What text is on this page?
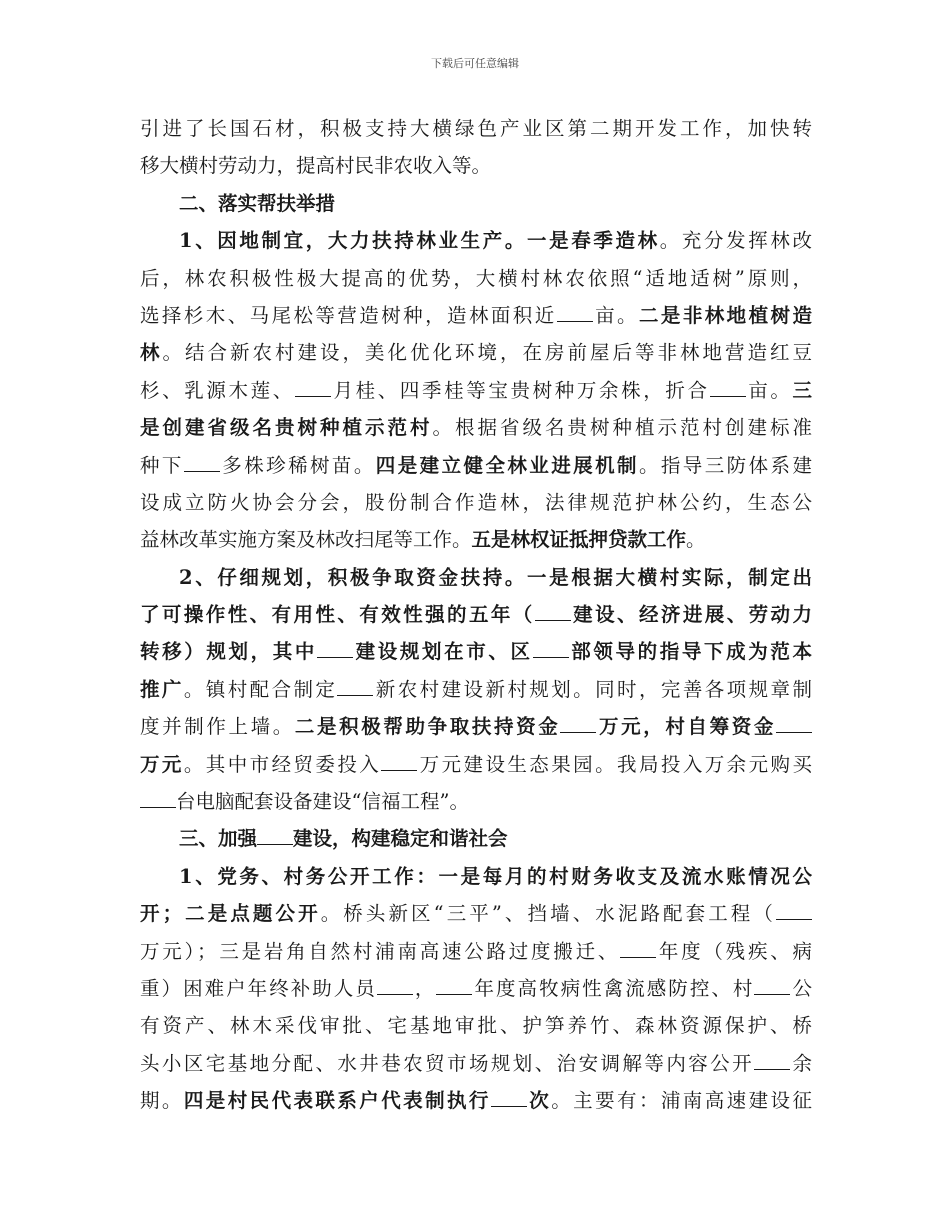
下载后可任意编辑
引进了长国石材，积极支持大横绿色产业区第二期开发工作，加快转
移大横村劳动力，提高村民非农收入等。
二、落实帮扶举措
1、因地制宜，大力扶持林业生产。一是春季造林。充分发挥林改
后，林农积极性极大提高的优势，大横村林农依照“适地适树”原则，
选择杉木、马尾松等营造树种，造林面积近 亩。二是非林地植树造
林。结合新农村建设，美化优化环境，在房前屋后等非林地营造红豆
杉、乳源木莲、 月桂、四季桂等宝贵树种万余株，折合 亩。三
是创建省级名贵树种植示范村。根据省级名贵树种植示范村创建标准
种下 多株珍稀树苗。四是建立健全林业进展机制。指导三防体系建
设成立防火协会分会，股份制合作造林，法律规范护林公约，生态公
益林改革实施方案及林改扫尾等工作。五是林权证抵押贷款工作。
2、仔细规划，积极争取资金扶持。一是根据大横村实际，制定出
了可操作性、有用性、有效性强的五年（ 建设、经济进展、劳动力
转移）规划，其中 建设规划在市、区 部领导的指导下成为范本
推广。镇村配合制定 新农村建设新村规划。同时，完善各项规章制
度并制作上墙。二是积极帮助争取扶持资金 万元，村自筹资金
万元。其中市经贸委投入 万元建设生态果园。我局投入万余元购买
台电脑配套设备建设“信福工程”。
三、加强 建设，构建稳定和谐社会
1、党务、村务公开工作：一是每月的村财务收支及流水账情况公
开；二是点题公开。桥头新区“三平”、挡墙、水泥路配套工程（
万元）；三是岩角自然村浦南高速公路过度搬迁、 年度（残疾、病
重）困难户年终补助人员 ， 年度高牧病性禽流感防控、村 公
有资产、林木采伐审批、宅基地审批、护笋养竹、森林资源保护、桥
头小区宅基地分配、水井巷农贸市场规划、治安调解等内容公开 余
期。四是村民代表联系户代表制执行 次。主要有：浦南高速建设征
